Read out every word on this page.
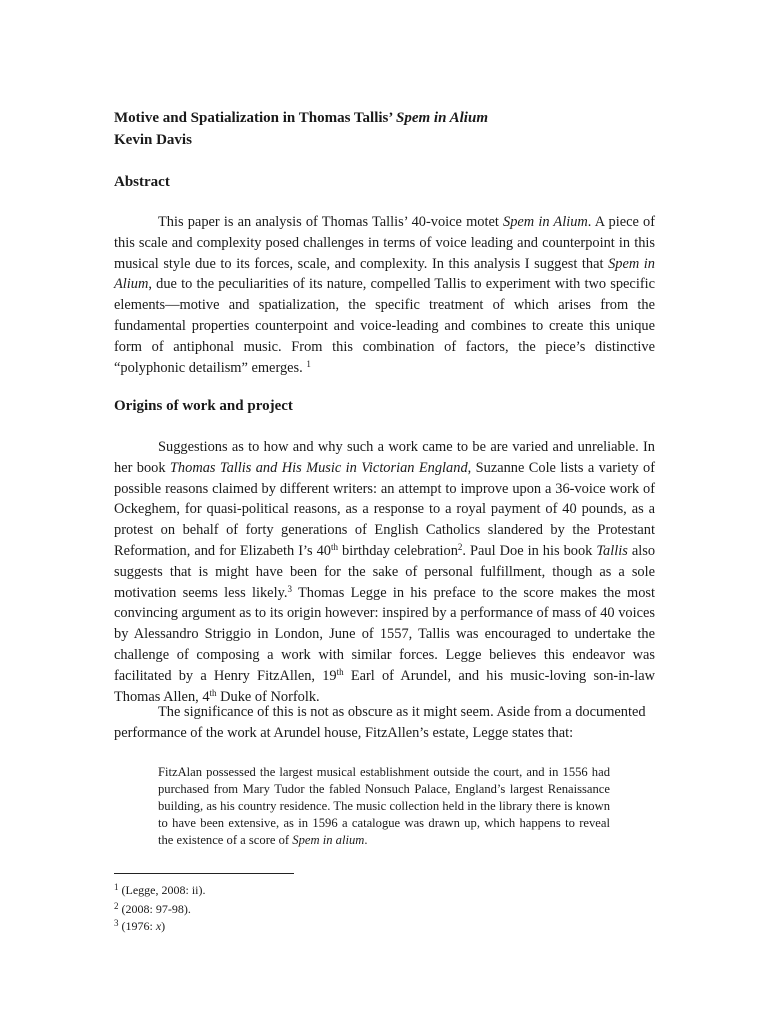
Motive and Spatialization in Thomas Tallis’ Spem in Alium
Kevin Davis
Abstract

This paper is an analysis of Thomas Tallis’ 40-voice motet Spem in Alium. A piece of this scale and complexity posed challenges in terms of voice leading and counterpoint in this musical style due to its forces, scale, and complexity. In this analysis I suggest that Spem in Alium, due to the peculiarities of its nature, compelled Tallis to experiment with two specific elements—motive and spatialization, the specific treatment of which arises from the fundamental properties counterpoint and voice-leading and combines to create this unique form of antiphonal music. From this combination of factors, the piece’s distinctive “polyphonic detailism” emerges. $^1$

Origins of work and project

Suggestions as to how and why such a work came to be are varied and unreliable. In her book Thomas Tallis and His Music in Victorian England, Suzanne Cole lists a variety of possible reasons claimed by different writers: an attempt to improve upon a 36-voice work of Ockeghem, for quasi-political reasons, as a response to a royal payment of 40 pounds, as a protest on behalf of forty generations of English Catholics slandered by the Protestant Reformation, and for Elizabeth I’s 40th birthday celebration$^2$. Paul Doe in his book Tallis also suggests that is might have been for the sake of personal fulfillment, though as a sole motivation seems less likely.$^3$ Thomas Legge in his preface to the score makes the most convincing argument as to its origin however: inspired by a performance of mass of 40 voices by Alessandro Striggio in London, June of 1557, Tallis was encouraged to undertake the challenge of composing a work with similar forces. Legge believes this endeavor was facilitated by a Henry FitzAllen, 19th Earl of Arundel, and his music-loving son-in-law Thomas Allen, 4th Duke of Norfolk.

The significance of this is not as obscure as it might seem. Aside from a documented performance of the work at Arundel house, FitzAllen’s estate, Legge states that:

FitzAlan possessed the largest musical establishment outside the court, and in 1556 had purchased from Mary Tudor the fabled Nonsuch Palace, England’s largest Renaissance building, as his country residence. The music collection held in the library there is known to have been extensive, as in 1596 a catalogue was drawn up, which happens to reveal the existence of a score of Spem in alium.

$^1$ (Legge, 2008: ii).
$^2$ (2008: 97-98).
$^3$ (1976: x)
